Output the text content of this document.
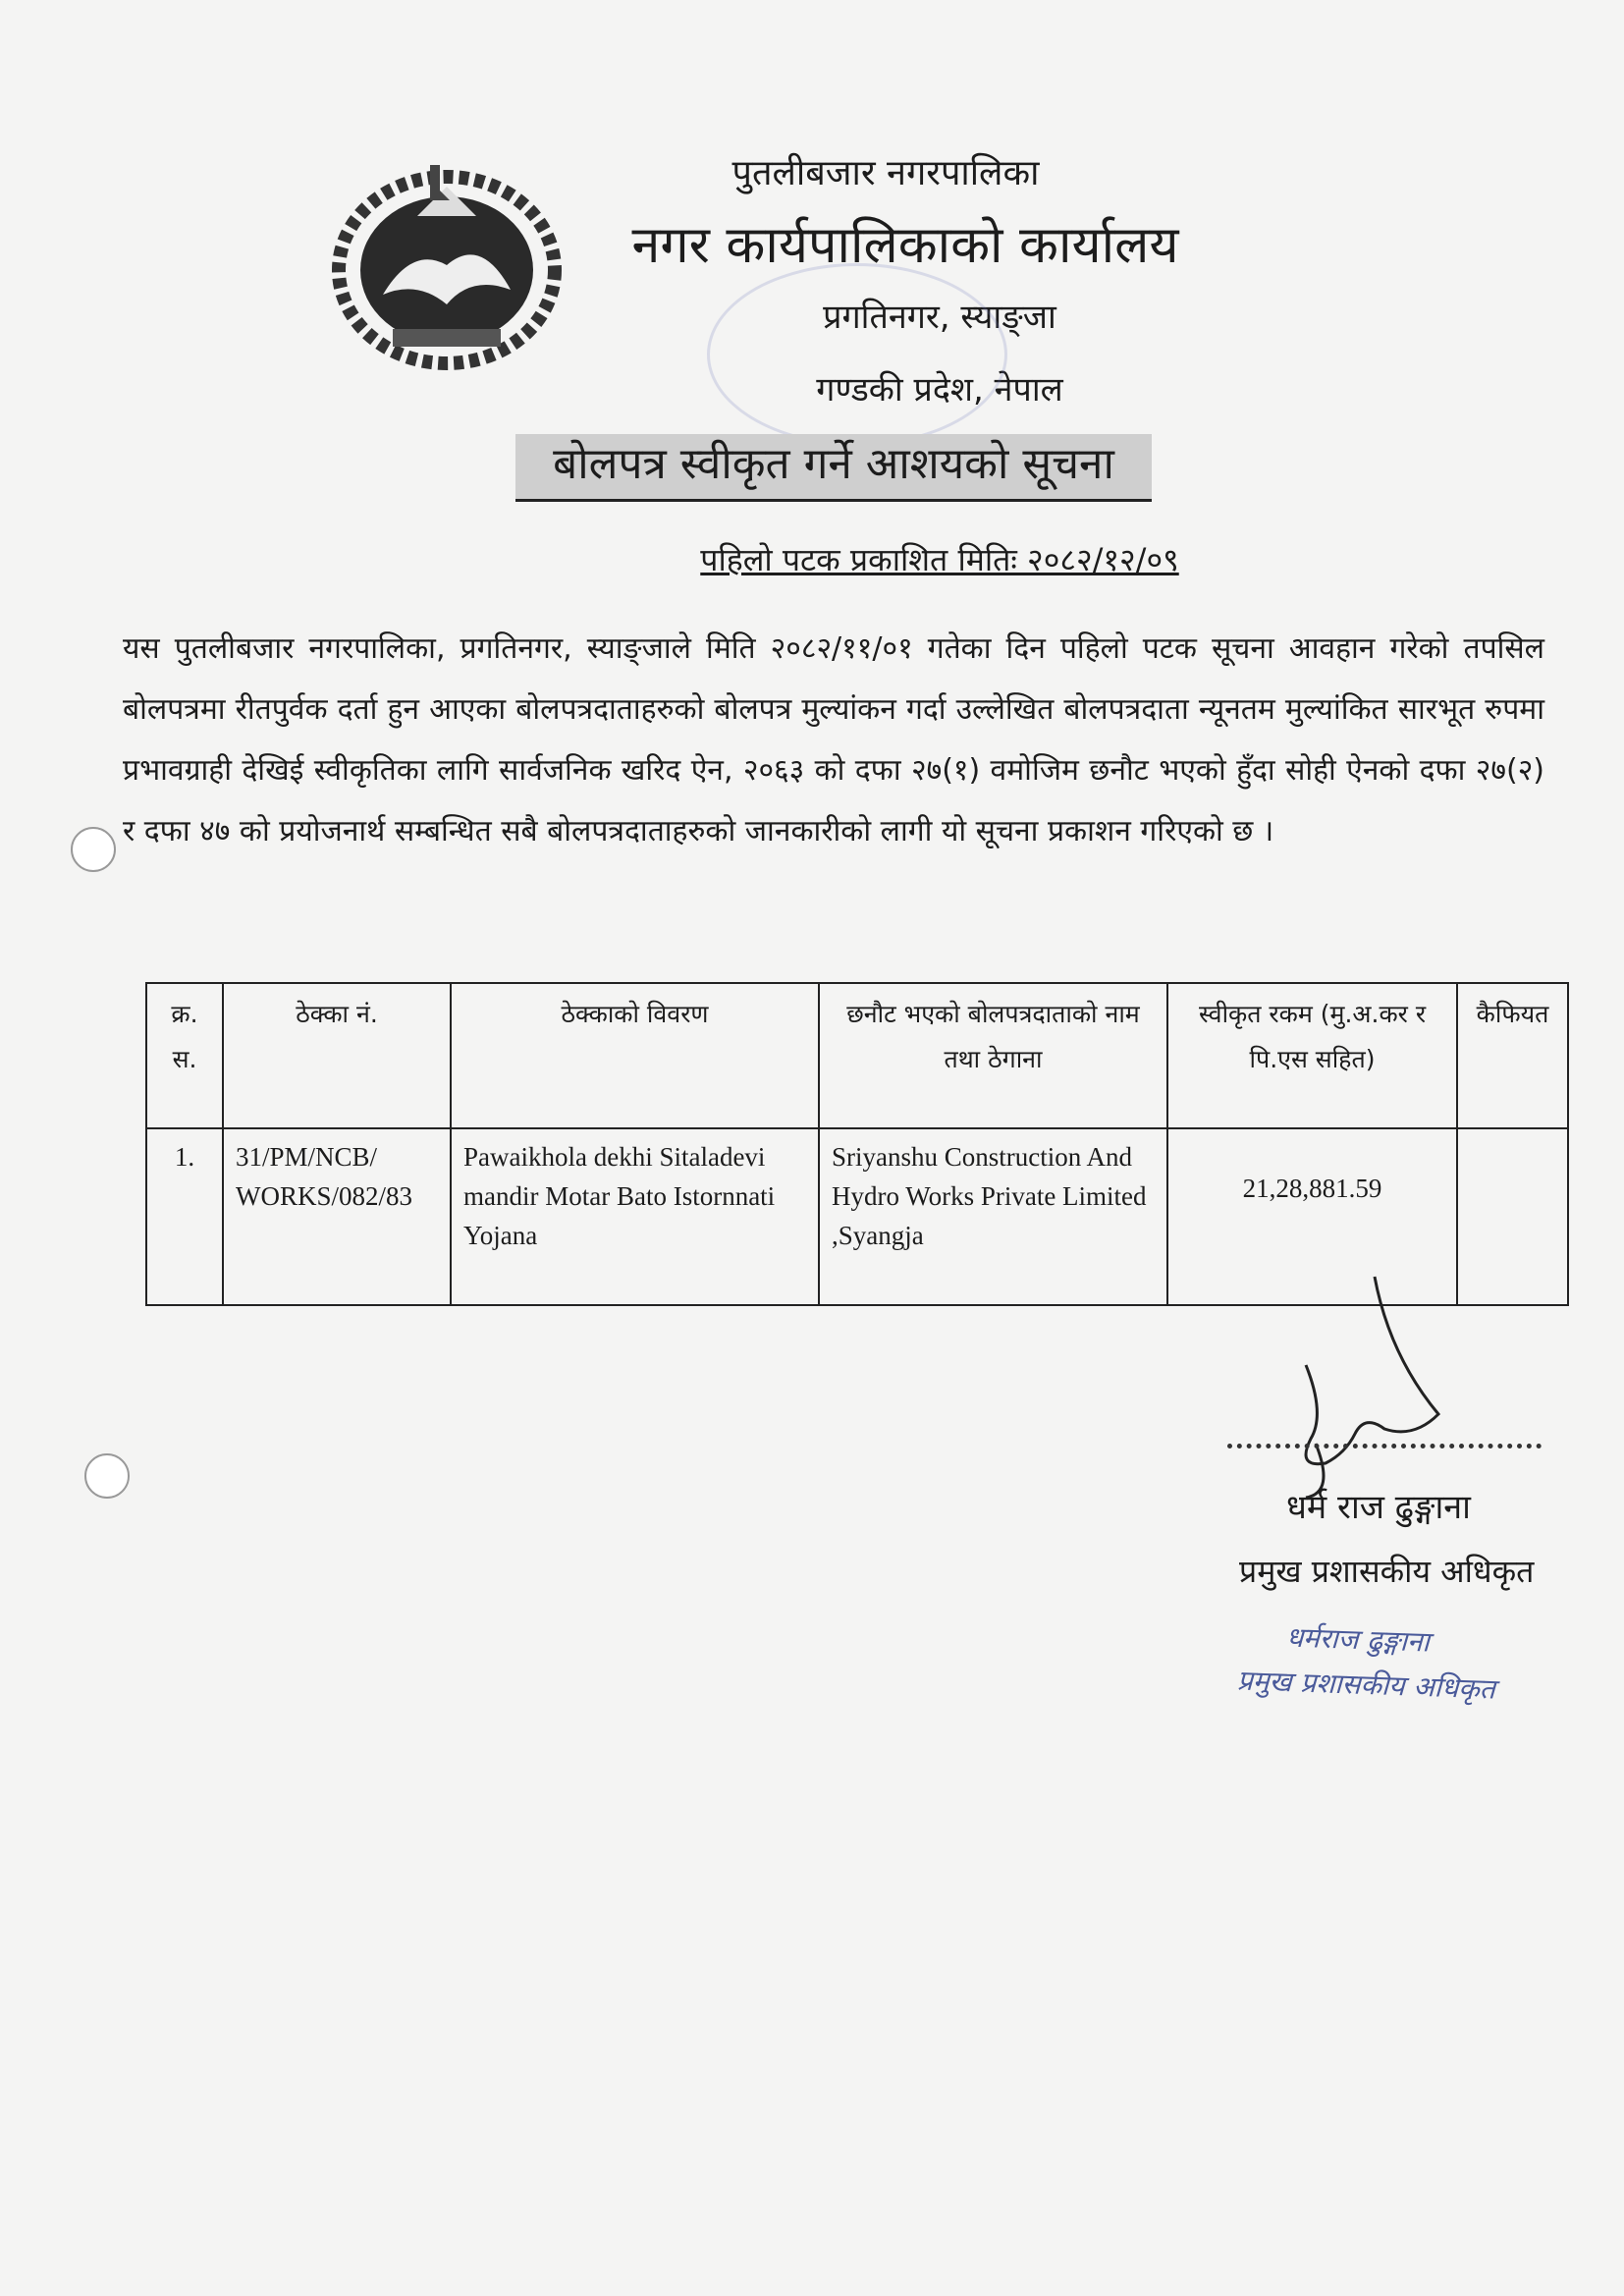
पुतलीबजार नगरपालिका
नगर कार्यपालिकाको कार्यालय
प्रगतिनगर, स्याङ्जा
गण्डकी प्रदेश, नेपाल
बोलपत्र स्वीकृत गर्ने आशयको सूचना
पहिलो पटक प्रकाशित मितिः २०८२/१२/०९
यस पुतलीबजार नगरपालिका, प्रगतिनगर, स्याङ्जाले मिति २०८२/११/०१ गतेका दिन पहिलो पटक सूचना आवहान गरेको तपसिल बोलपत्रमा रीतपुर्वक दर्ता हुन आएका बोलपत्रदाताहरुको बोलपत्र मुल्यांकन गर्दा उल्लेखित बोलपत्रदाता न्यूनतम मुल्यांकित सारभूत रुपमा प्रभावग्राही देखिई स्वीकृतिका लागि सार्वजनिक खरिद ऐन, २०६३ को दफा २७(१) वमोजिम छनौट भएको हुँदा सोही ऐनको दफा २७(२) र दफा ४७ को प्रयोजनार्थ सम्बन्धित सबै बोलपत्रदाताहरुको जानकारीको लागी यो सूचना प्रकाशन गरिएको छ ।
क्र. स.	ठेक्का नं.	ठेक्काको विवरण	छनौट भएको बोलपत्रदाताको नाम तथा ठेगाना	स्वीकृत रकम (मु.अ.कर र पि.एस सहित)	कैफियत
1.	31/PM/NCB/ WORKS/082/83	Pawaikhola dekhi Sitaladevi mandir Motar Bato Istornnati Yojana	Sriyanshu Construction And Hydro Works Private Limited ,Syangja	21,28,881.59	
धर्म राज ढुङ्गाना
प्रमुख प्रशासकीय अधिकृत
धर्मराज ढुङ्गाना
प्रमुख प्रशासकीय अधिकृत
